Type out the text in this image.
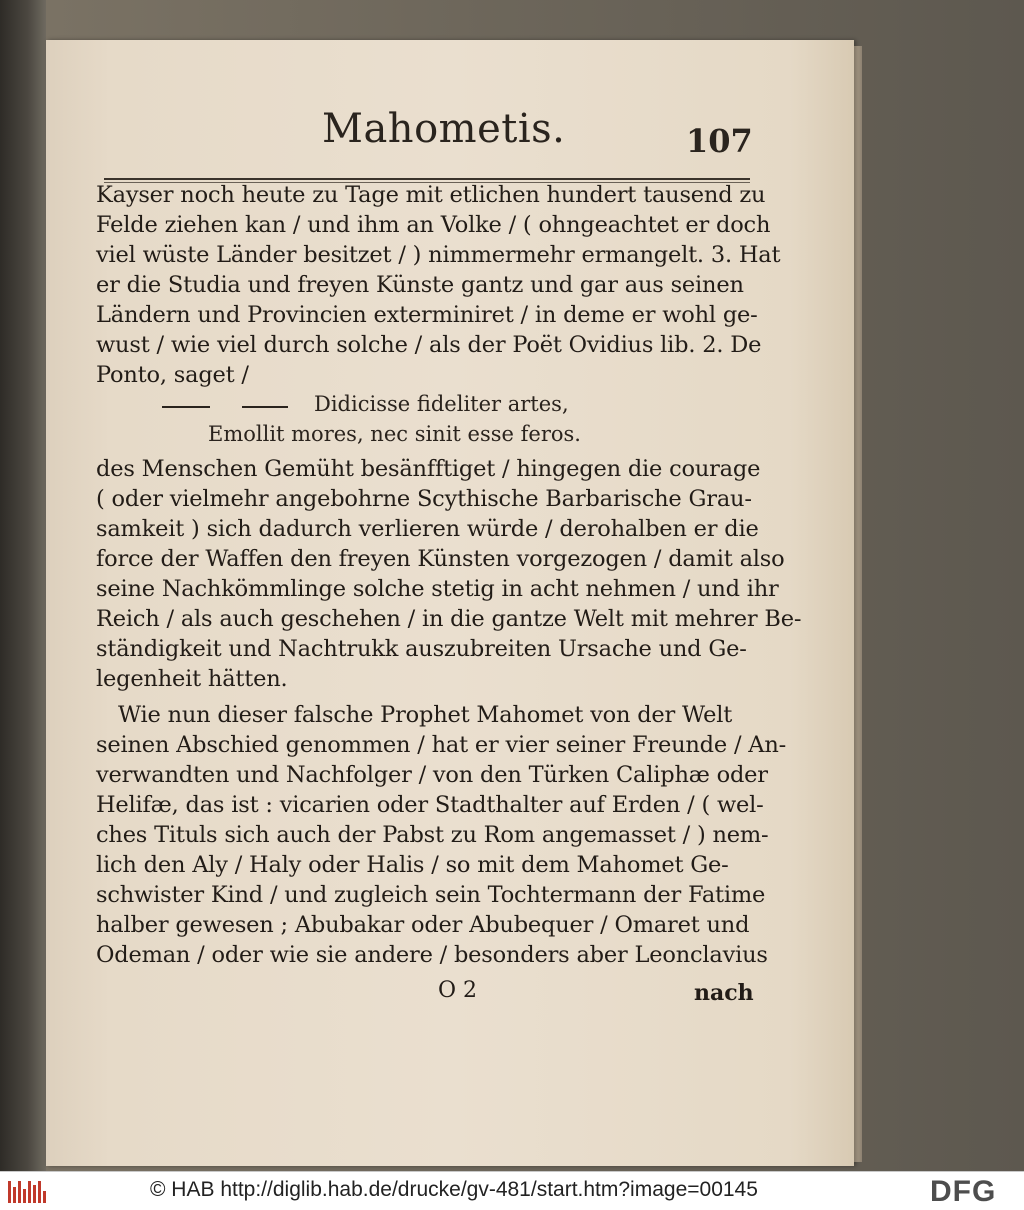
Mahometis.	107
Kayser noch heute zu Tage mit etlichen hundert tausend zu
Felde ziehen kan / und ihm an Volke / ( ohngeachtet er doch
viel wüste Länder besitzet / ) nimmermehr ermangelt. 3. Hat
er die Studia und freyen Künste gantz und gar aus seinen
Ländern und Provincien exterminiret / in deme er wohl ge-
wust / wie viel durch solche / als der Poët Ovidius lib. 2. De
Ponto, saget /
Didicisse fideliter artes,
Emollit mores, nec sinit esse feros.
des Menschen Gemüht besänfftiget / hingegen die courage
( oder vielmehr angebohrne Scythische Barbarische Grau-
samkeit ) sich dadurch verlieren würde / derohalben er die
force der Waffen den freyen Künsten vorgezogen / damit also
seine Nachkömmlinge solche stetig in acht nehmen / und ihr
Reich / als auch geschehen / in die gantze Welt mit mehrer Be-
ständigkeit und Nachtrukk auszubreiten Ursache und Ge-
legenheit hätten.
Wie nun dieser falsche Prophet Mahomet von der Welt
seinen Abschied genommen / hat er vier seiner Freunde / An-
verwandten und Nachfolger / von den Türken Caliphæ oder
Helifæ, das ist : vicarien oder Stadthalter auf Erden / ( wel-
ches Tituls sich auch der Pabst zu Rom angemasset / ) nem-
lich den Aly / Haly oder Halis / so mit dem Mahomet Ge-
schwister Kind / und zugleich sein Tochtermann der Fatime
halber gewesen ; Abubakar oder Abubequer / Omaret und
Odeman / oder wie sie andere / besonders aber Leonclavius
O 2	nach
© HAB http://diglib.hab.de/drucke/gv-481/start.htm?image=00145	DFG
